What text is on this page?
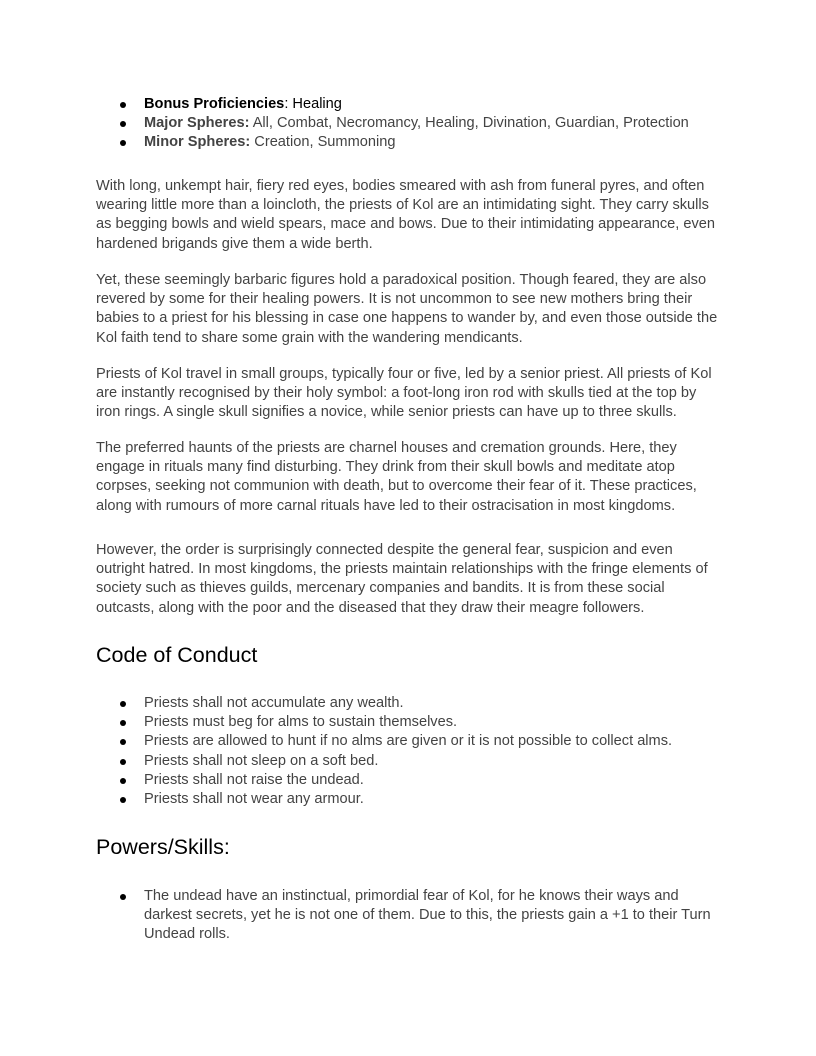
Bonus Proficiencies: Healing
Major Spheres: All, Combat, Necromancy, Healing, Divination, Guardian, Protection
Minor Spheres: Creation, Summoning

With long, unkempt hair, fiery red eyes, bodies smeared with ash from funeral pyres, and often wearing little more than a loincloth, the priests of Kol are an intimidating sight. They carry skulls as begging bowls and wield spears, mace and bows. Due to their intimidating appearance, even hardened brigands give them a wide berth.

Yet, these seemingly barbaric figures hold a paradoxical position. Though feared, they are also revered by some for their healing powers. It is not uncommon to see new mothers bring their babies to a priest for his blessing in case one happens to wander by, and even those outside the Kol faith tend to share some grain with the wandering mendicants.

Priests of Kol travel in small groups, typically four or five, led by a senior priest. All priests of Kol are instantly recognised by their holy symbol: a foot-long iron rod with skulls tied at the top by iron rings. A single skull signifies a novice, while senior priests can have up to three skulls.

The preferred haunts of the priests are charnel houses and cremation grounds. Here, they engage in rituals many find disturbing. They drink from their skull bowls and meditate atop corpses, seeking not communion with death, but to overcome their fear of it. These practices, along with rumours of more carnal rituals have led to their ostracisation in most kingdoms.

However, the order is surprisingly connected despite the general fear, suspicion and even outright hatred. In most kingdoms, the priests maintain relationships with the fringe elements of society such as thieves guilds, mercenary companies and bandits. It is from these social outcasts, along with the poor and the diseased that they draw their meagre followers.

Code of Conduct
Priests shall not accumulate any wealth.
Priests must beg for alms to sustain themselves.
Priests are allowed to hunt if no alms are given or it is not possible to collect alms.
Priests shall not sleep on a soft bed.
Priests shall not raise the undead.
Priests shall not wear any armour.
Powers/Skills:
The undead have an instinctual, primordial fear of Kol, for he knows their ways and darkest secrets, yet he is not one of them. Due to this, the priests gain a +1 to their Turn Undead rolls.
